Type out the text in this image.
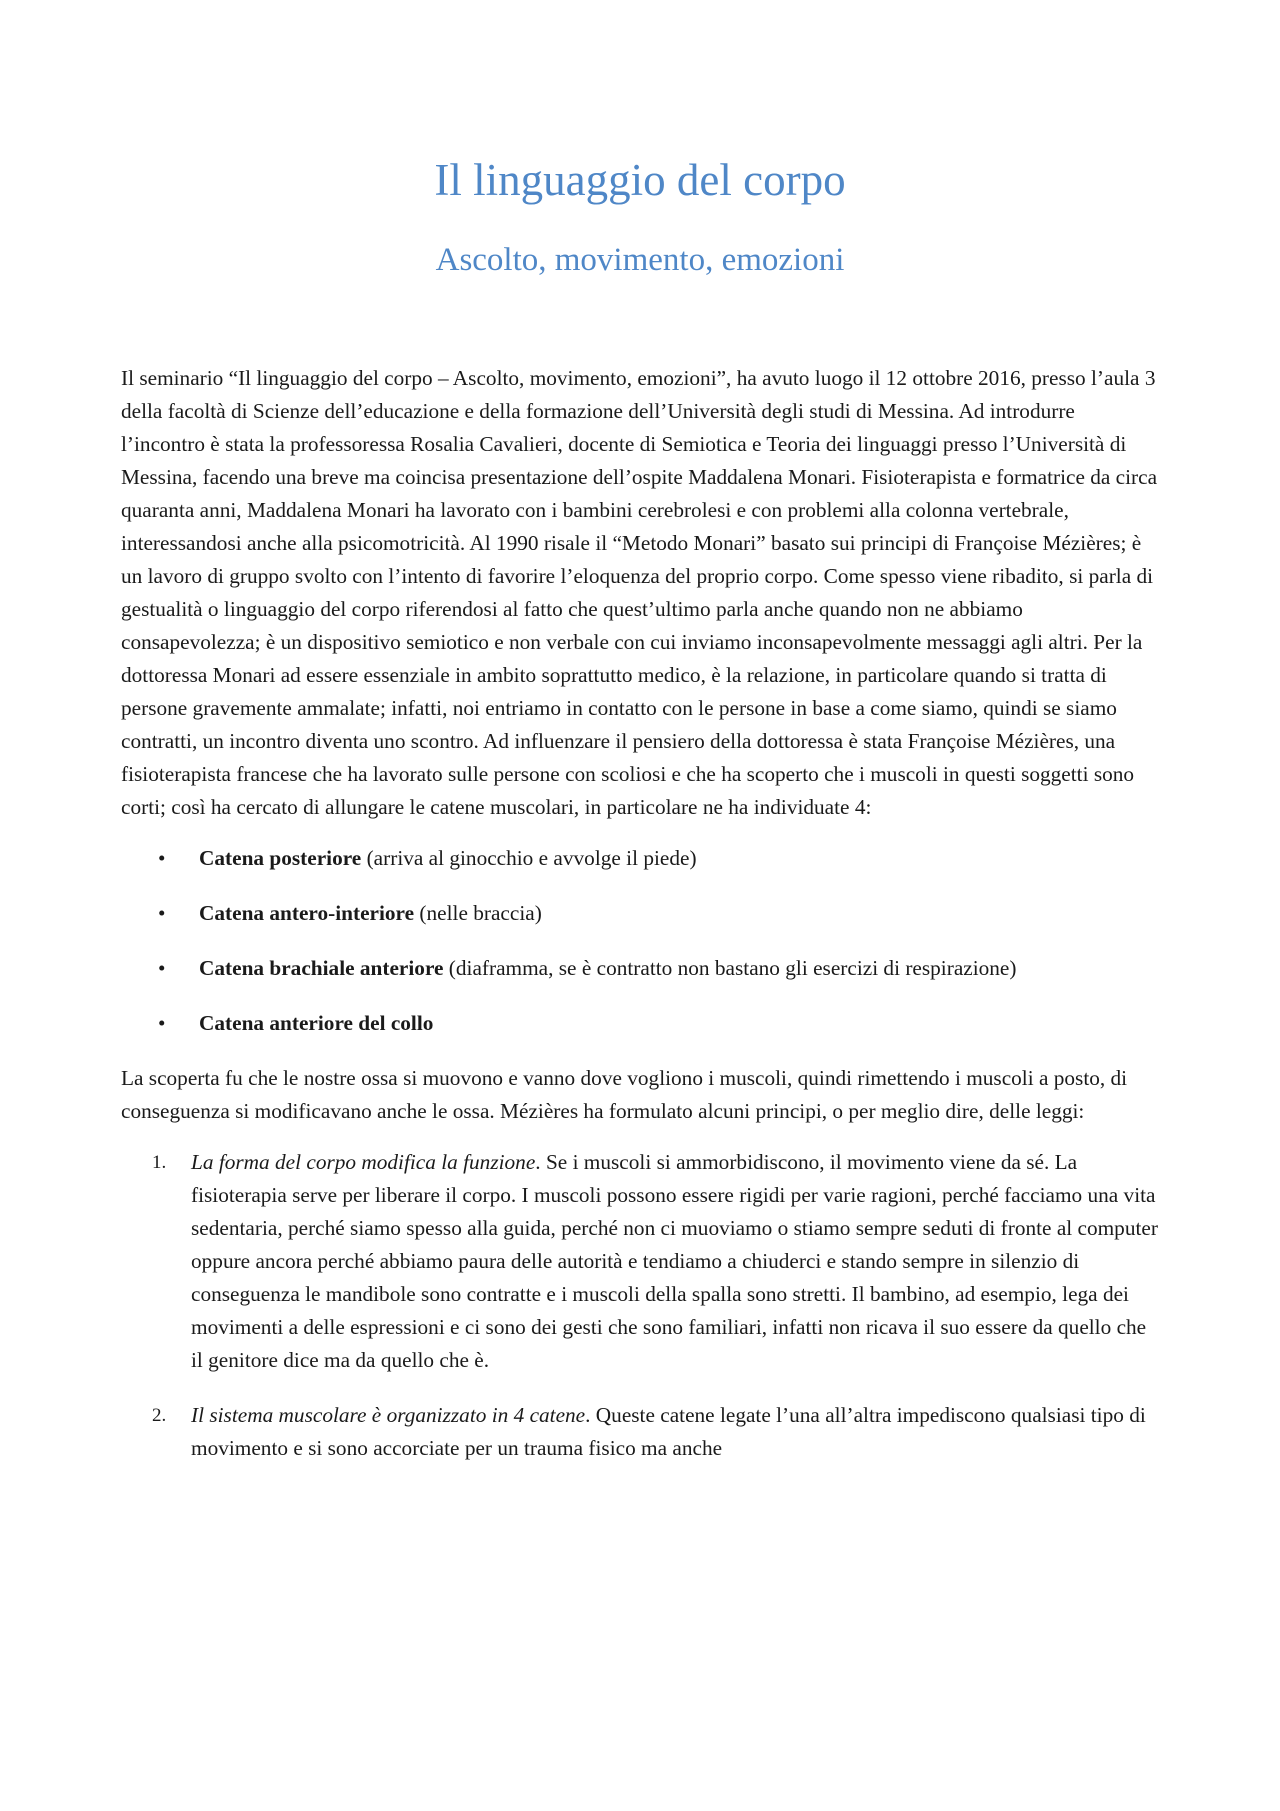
Il linguaggio del corpo
Ascolto, movimento, emozioni

Il seminario “Il linguaggio del corpo – Ascolto, movimento, emozioni”, ha avuto luogo il 12 ottobre 2016, presso l’aula 3 della facoltà di Scienze dell’educazione e della formazione dell’Università degli studi di Messina. Ad introdurre l’incontro è stata la professoressa Rosalia Cavalieri, docente di Semiotica e Teoria dei linguaggi presso l’Università di Messina, facendo una breve ma coincisa presentazione dell’ospite Maddalena Monari. Fisioterapista e formatrice da circa quaranta anni, Maddalena Monari ha lavorato con i bambini cerebrolesi e con problemi alla colonna vertebrale, interessandosi anche alla psicomotricità. Al 1990 risale il “Metodo Monari” basato sui principi di Françoise Mézières; è un lavoro di gruppo svolto con l’intento di favorire l’eloquenza del proprio corpo. Come spesso viene ribadito, si parla di gestualità o linguaggio del corpo riferendosi al fatto che quest’ultimo parla anche quando non ne abbiamo consapevolezza; è un dispositivo semiotico e non verbale con cui inviamo inconsapevolmente messaggi agli altri. Per la dottoressa Monari ad essere essenziale in ambito soprattutto medico, è la relazione, in particolare quando si tratta di persone gravemente ammalate; infatti, noi entriamo in contatto con le persone in base a come siamo, quindi se siamo contratti, un incontro diventa uno scontro. Ad influenzare il pensiero della dottoressa è stata Françoise Mézières, una fisioterapista francese che ha lavorato sulle persone con scoliosi e che ha scoperto che i muscoli in questi soggetti sono corti; così ha cercato di allungare le catene muscolari, in particolare ne ha individuate 4:

• Catena posteriore (arriva al ginocchio e avvolge il piede)
• Catena antero-interiore (nelle braccia)
• Catena brachiale anteriore (diaframma, se è contratto non bastano gli esercizi di respirazione)
• Catena anteriore del collo

La scoperta fu che le nostre ossa si muovono e vanno dove vogliono i muscoli, quindi rimettendo i muscoli a posto, di conseguenza si modificavano anche le ossa. Mézières ha formulato alcuni principi, o per meglio dire, delle leggi:

1. La forma del corpo modifica la funzione. Se i muscoli si ammorbidiscono, il movimento viene da sé. La fisioterapia serve per liberare il corpo. I muscoli possono essere rigidi per varie ragioni, perché facciamo una vita sedentaria, perché siamo spesso alla guida, perché non ci muoviamo o stiamo sempre seduti di fronte al computer oppure ancora perché abbiamo paura delle autorità e tendiamo a chiuderci e stando sempre in silenzio di conseguenza le mandibole sono contratte e i muscoli della spalla sono stretti. Il bambino, ad esempio, lega dei movimenti a delle espressioni e ci sono dei gesti che sono familiari, infatti non ricava il suo essere da quello che il genitore dice ma da quello che è.
2. Il sistema muscolare è organizzato in 4 catene. Queste catene legate l’una all’altra impediscono qualsiasi tipo di movimento e si sono accorciate per un trauma fisico ma anche
